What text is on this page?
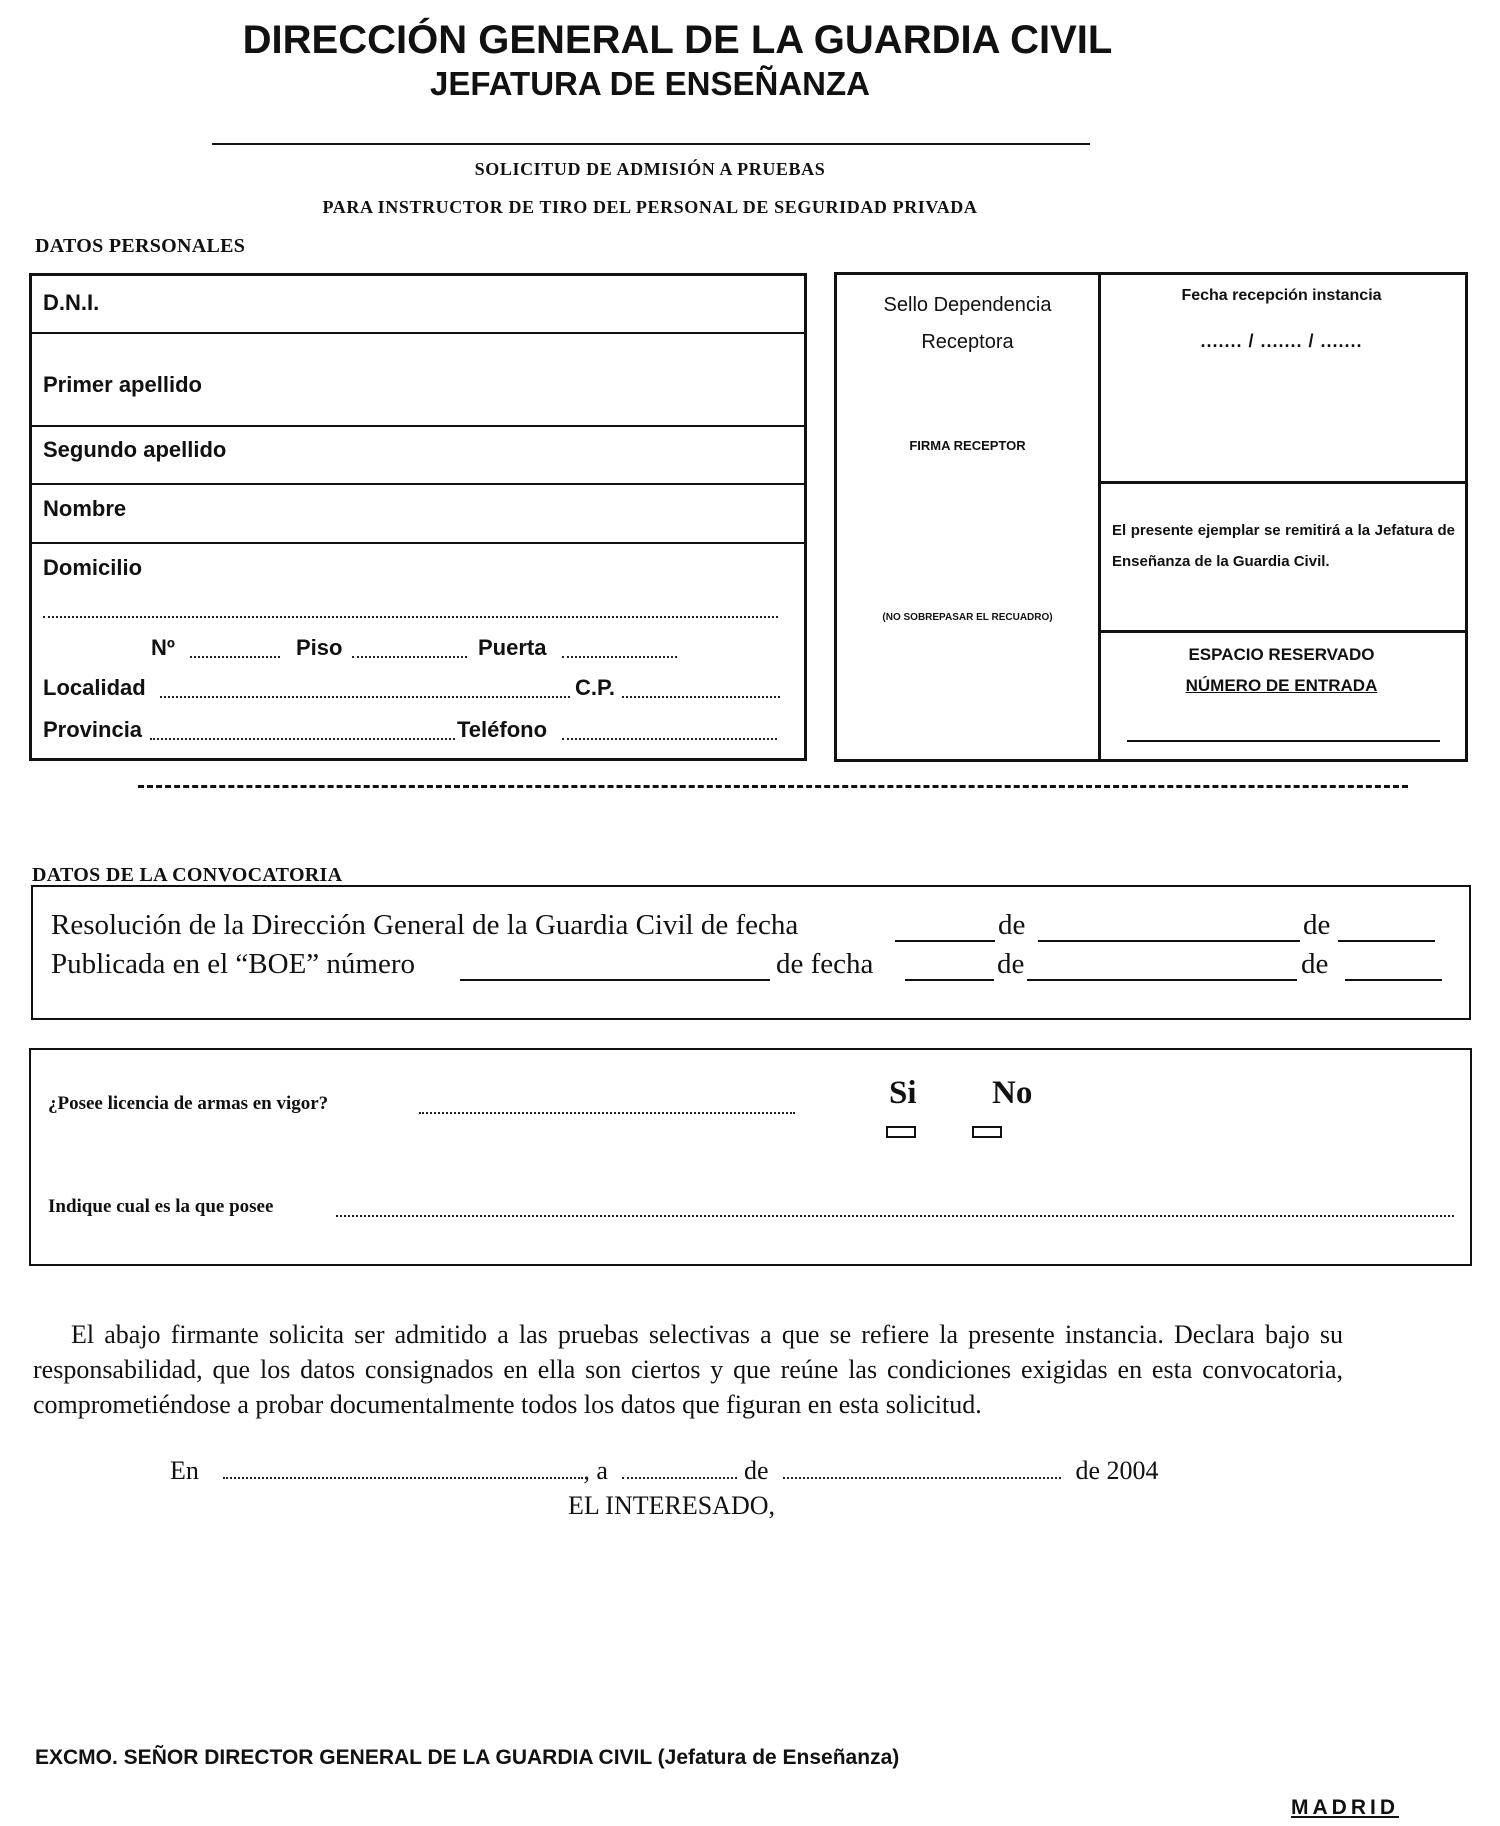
DIRECCIÓN GENERAL DE LA GUARDIA CIVIL
JEFATURA DE ENSEÑANZA
SOLICITUD DE ADMISIÓN A PRUEBAS
PARA INSTRUCTOR DE TIRO DEL PERSONAL DE SEGURIDAD PRIVADA
DATOS PERSONALES
D.N.I.
Primer apellido
Segundo apellido
Nombre
Domicilio
Nº	Piso	Puerta
Localidad	C.P.
Provincia	Teléfono
Sello Dependencia
Receptora
FIRMA RECEPTOR
(NO SOBREPASAR EL RECUADRO)
Fecha recepción instancia
....... / ....... / .......
El presente ejemplar se remitirá a la Jefatura de Enseñanza de la Guardia Civil.
ESPACIO RESERVADO
NÚMERO DE ENTRADA
DATOS DE LA CONVOCATORIA
Resolución de la Dirección General de la Guardia Civil de fecha	de	de
Publicada en el “BOE” número	de fecha	de	de
¿Posee licencia de armas en vigor?	Si No
Indique cual es la que posee
El abajo firmante solicita ser admitido a las pruebas selectivas a que se refiere la presente instancia. Declara bajo su responsabilidad, que los datos consignados en ella son ciertos y que reúne las condiciones exigidas en esta convocatoria, comprometiéndose a probar documentalmente todos los datos que figuran en esta solicitud.
En	, a	de	de 2004
EL INTERESADO,
EXCMO. SEÑOR DIRECTOR GENERAL DE LA GUARDIA CIVIL (Jefatura de Enseñanza)
MADRID
